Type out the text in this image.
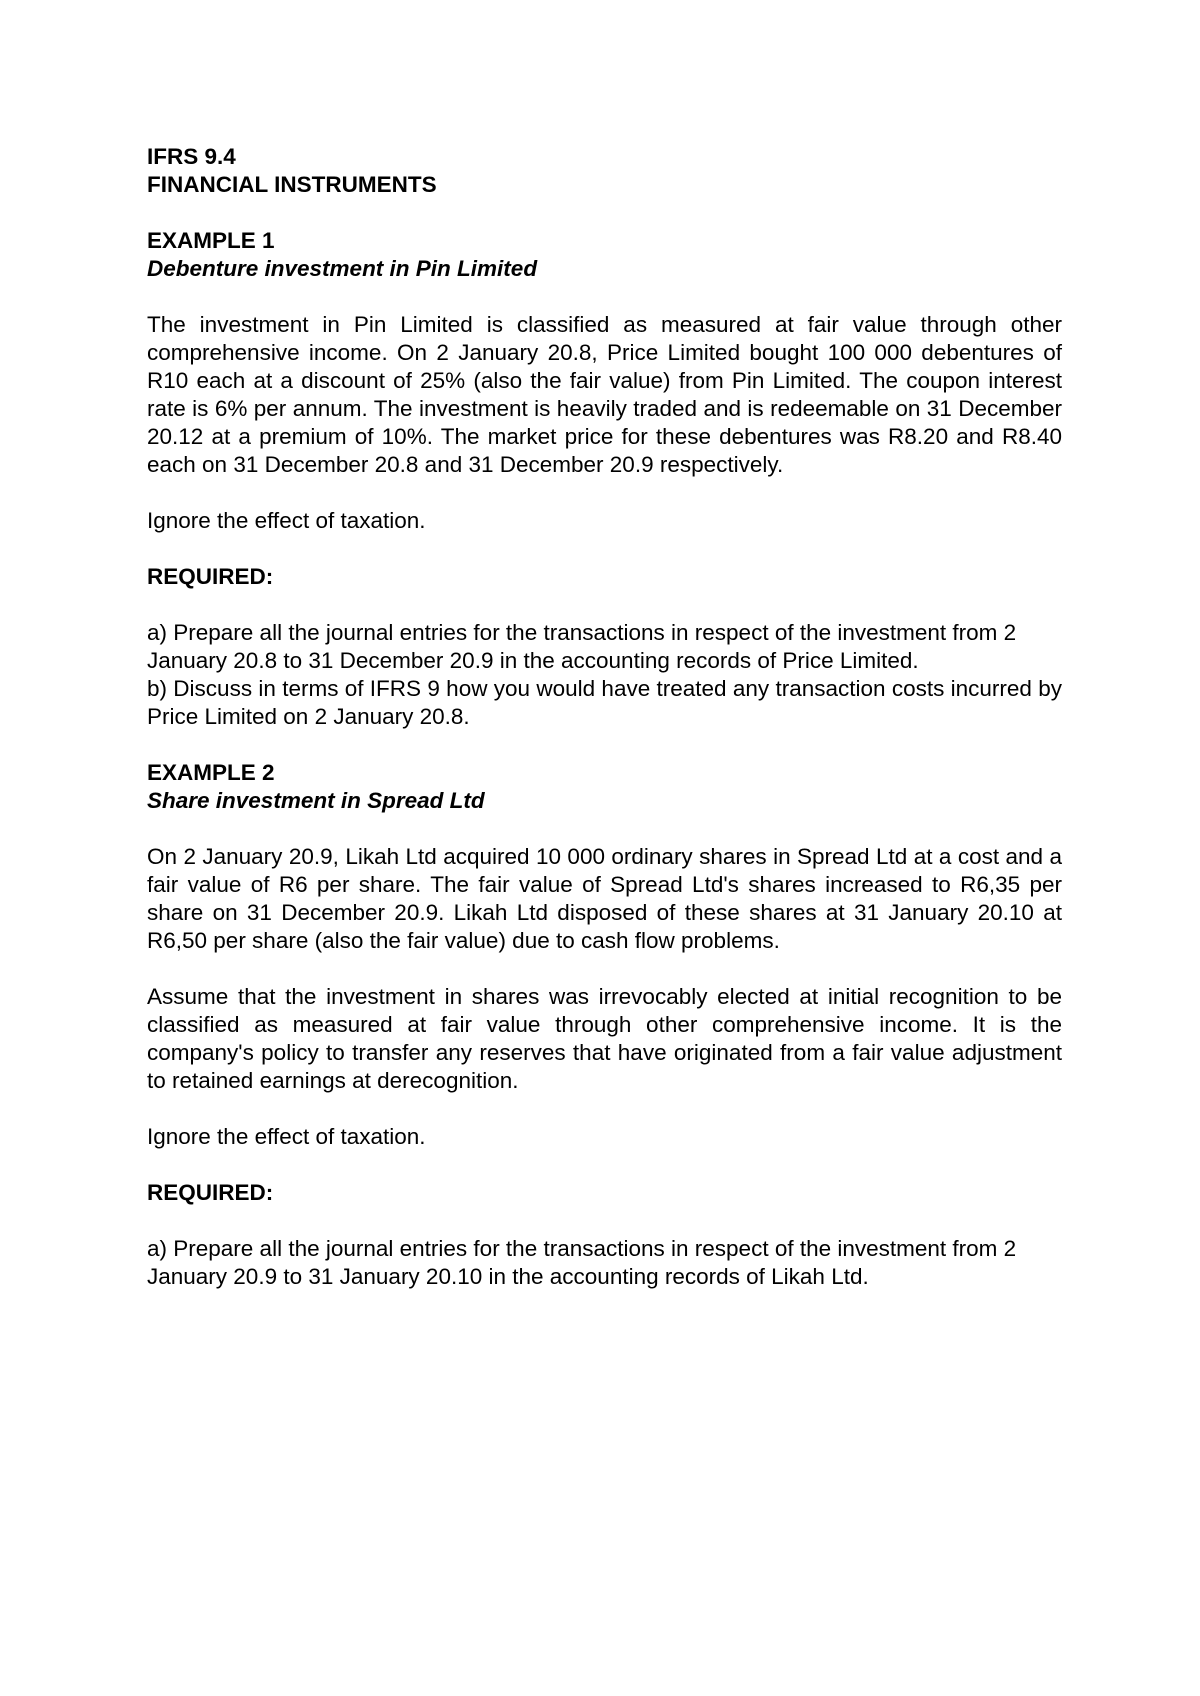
IFRS 9.4

FINANCIAL INSTRUMENTS

EXAMPLE 1

Debenture investment in Pin Limited

The investment in Pin Limited is classified as measured at fair value through other comprehensive income. On 2 January 20.8, Price Limited bought 100 000 debentures of R10 each at a discount of 25% (also the fair value) from Pin Limited. The coupon interest rate is 6% per annum. The investment is heavily traded and is redeemable on 31 December 20.12 at a premium of 10%. The market price for these debentures was R8.20 and R8.40 each on 31 December 20.8 and 31 December 20.9 respectively.

Ignore the effect of taxation.

REQUIRED:

a) Prepare all the journal entries for the transactions in respect of the investment from 2 January 20.8 to 31 December 20.9 in the accounting records of Price Limited.

b) Discuss in terms of IFRS 9 how you would have treated any transaction costs incurred by Price Limited on 2 January 20.8.

EXAMPLE 2

Share investment in Spread Ltd

On 2 January 20.9, Likah Ltd acquired 10 000 ordinary shares in Spread Ltd at a cost and a fair value of R6 per share. The fair value of Spread Ltd's shares increased to R6,35 per share on 31 December 20.9. Likah Ltd disposed of these shares at 31 January 20.10 at R6,50 per share (also the fair value) due to cash flow problems.

Assume that the investment in shares was irrevocably elected at initial recognition to be classified as measured at fair value through other comprehensive income. It is the company's policy to transfer any reserves that have originated from a fair value adjustment to retained earnings at derecognition.

Ignore the effect of taxation.

REQUIRED:

a) Prepare all the journal entries for the transactions in respect of the investment from 2 January 20.9 to 31 January 20.10 in the accounting records of Likah Ltd.
